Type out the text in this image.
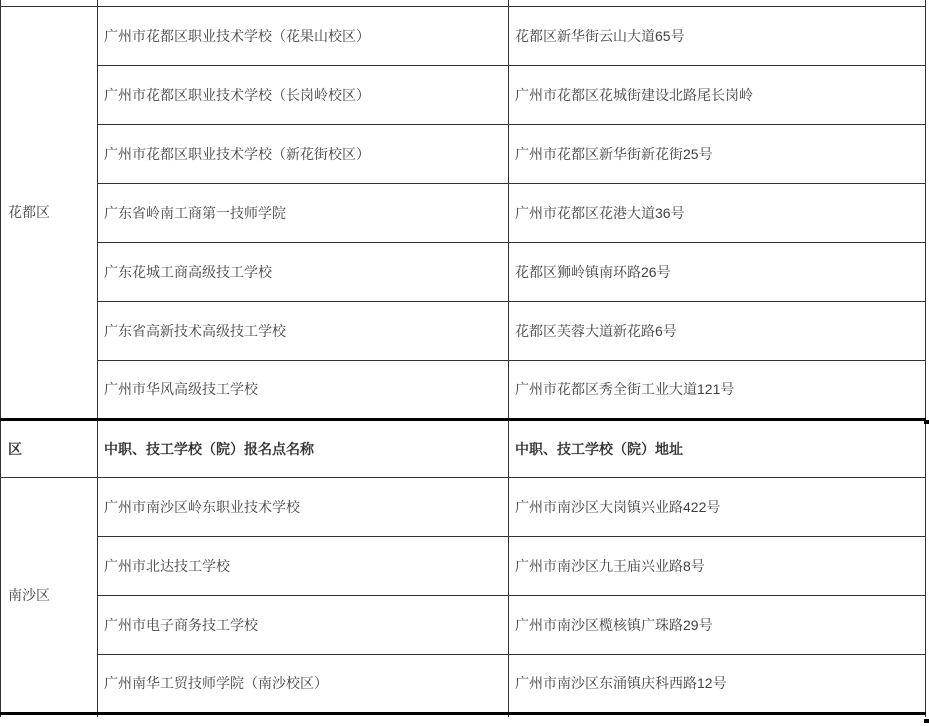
花都区	广州市花都区职业技术学校（花果山校区）	花都区新华街云山大道65号
	广州市花都区职业技术学校（长岗岭校区）	广州市花都区花城街建设北路尾长岗岭
	广州市花都区职业技术学校（新花街校区）	广州市花都区新华街新花街25号
	广东省岭南工商第一技师学院	广州市花都区花港大道36号
	广东花城工商高级技工学校	花都区狮岭镇南环路26号
	广东省高新技术高级技工学校	花都区芙蓉大道新花路6号
	广州市华风高级技工学校	广州市花都区秀全街工业大道121号
区	中职、技工学校（院）报名点名称	中职、技工学校（院）地址
南沙区	广州市南沙区岭东职业技术学校	广州市南沙区大岗镇兴业路422号
	广州市北达技工学校	广州市南沙区九王庙兴业路8号
	广州市电子商务技工学校	广州市南沙区榄核镇广珠路29号
	广州南华工贸技师学院（南沙校区）	广州市南沙区东涌镇庆科西路12号
